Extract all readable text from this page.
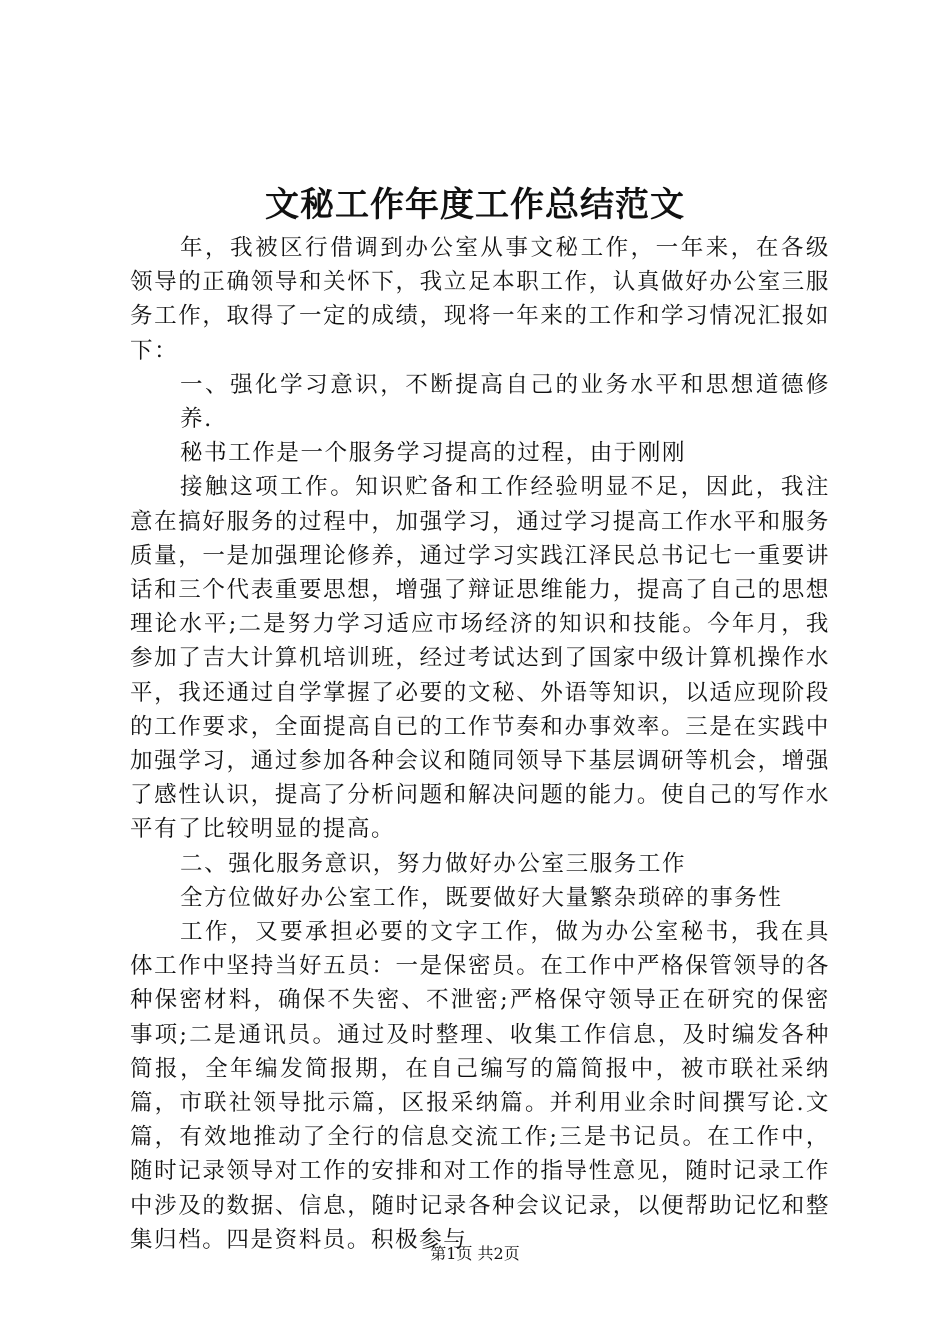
文秘工作年度工作总结范文

年，我被区行借调到办公室从事文秘工作，一年来，在各级领导的正确领导和关怀下，我立足本职工作，认真做好办公室三服务工作，取得了一定的成绩，现将一年来的工作和学习情况汇报如下：

一、强化学习意识，不断提高自己的业务水平和思想道德修养.

秘书工作是一个服务学习提高的过程，由于刚刚

接触这项工作。知识贮备和工作经验明显不足，因此，我注意在搞好服务的过程中，加强学习，通过学习提高工作水平和服务质量，一是加强理论修养，通过学习实践江泽民总书记七一重要讲话和三个代表重要思想，增强了辩证思维能力，提高了自己的思想理论水平;二是努力学习适应市场经济的知识和技能。今年月，我参加了吉大计算机培训班，经过考试达到了国家中级计算机操作水平，我还通过自学掌握了必要的文秘、外语等知识，以适应现阶段的工作要求，全面提高自已的工作节奏和办事效率。三是在实践中加强学习，通过参加各种会议和随同领导下基层调研等机会，增强了感性认识，提高了分析问题和解决问题的能力。使自己的写作水平有了比较明显的提高。

二、强化服务意识，努力做好办公室三服务工作

全方位做好办公室工作，既要做好大量繁杂琐碎的事务性

工作，又要承担必要的文字工作，做为办公室秘书，我在具体工作中坚持当好五员：一是保密员。在工作中严格保管领导的各种保密材料，确保不失密、不泄密;严格保守领导正在研究的保密事项;二是通讯员。通过及时整理、收集工作信息，及时编发各种简报，全年编发简报期，在自己编写的篇简报中，被市联社采纳篇，市联社领导批示篇，区报采纳篇。并利用业余时间撰写论.文篇，有效地推动了全行的信息交流工作;三是书记员。在工作中，随时记录领导对工作的安排和对工作的指导性意见，随时记录工作中涉及的数据、信息，随时记录各种会议记录，以便帮助记忆和整集归档。四是资料员。积极参与

第1页 共2页
